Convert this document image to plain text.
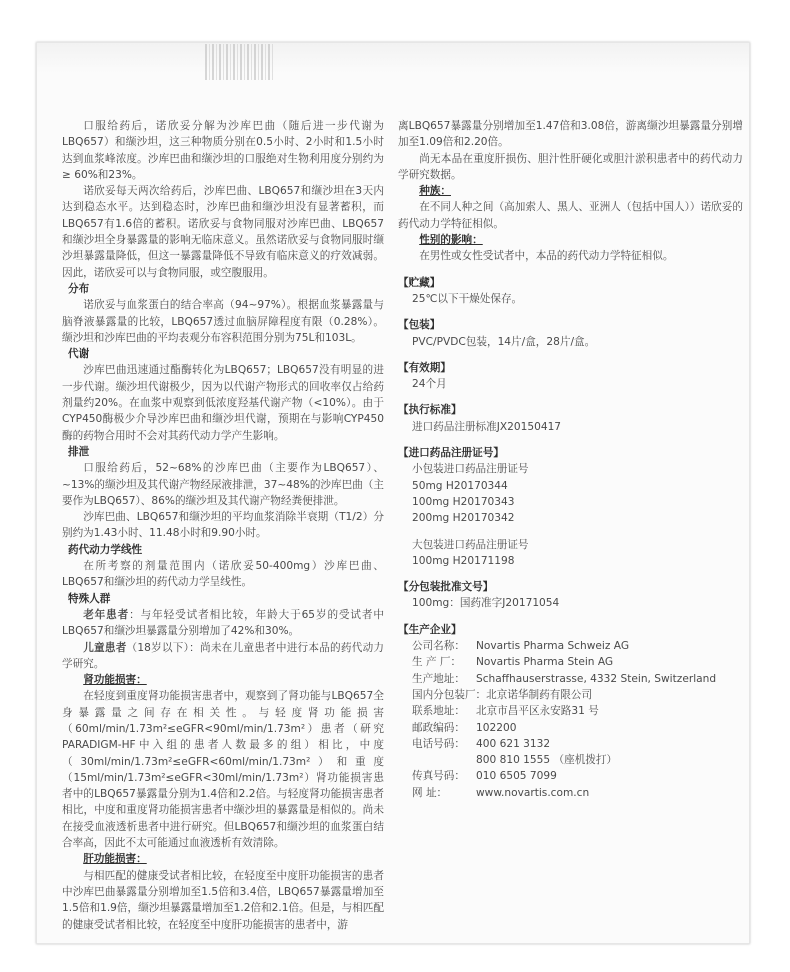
口服给药后，诺欣妥分解为沙库巴曲（随后进一步代谢为LBQ657）和缬沙坦，这三种物质分别在0.5小时、2小时和1.5小时达到血浆峰浓度。沙库巴曲和缬沙坦的口服绝对生物利用度分别约为≥ 60%和23%。

诺欣妥每天两次给药后，沙库巴曲、LBQ657和缬沙坦在3天内达到稳态水平。达到稳态时，沙库巴曲和缬沙坦没有显著蓄积，而LBQ657有1.6倍的蓄积。诺欣妥与食物同服对沙库巴曲、LBQ657和缬沙坦全身暴露量的影响无临床意义。虽然诺欣妥与食物同服时缬沙坦暴露量降低，但这一暴露量降低不导致有临床意义的疗效减弱。因此，诺欣妥可以与食物同服，或空腹服用。

分布

诺欣妥与血浆蛋白的结合率高（94~97%）。根据血浆暴露量与脑脊液暴露量的比较，LBQ657透过血脑屏障程度有限（0.28%）。缬沙坦和沙库巴曲的平均表观分布容积范围分别为75L和103L。

代谢

沙库巴曲迅速通过酯酶转化为LBQ657；LBQ657没有明显的进一步代谢。缬沙坦代谢极少，因为以代谢产物形式的回收率仅占给药剂量约20%。在血浆中观察到低浓度羟基代谢产物（<10%）。由于CYP450酶极少介导沙库巴曲和缬沙坦代谢，预期在与影响CYP450酶的药物合用时不会对其药代动力学产生影响。

排泄

口服给药后，52~68%的沙库巴曲（主要作为LBQ657）、~13%的缬沙坦及其代谢产物经尿液排泄，37~48%的沙库巴曲（主要作为LBQ657）、86%的缬沙坦及其代谢产物经粪便排泄。

沙库巴曲、LBQ657和缬沙坦的平均血浆消除半衰期（T1/2）分别约为1.43小时、11.48小时和9.90小时。

药代动力学线性

在所考察的剂量范围内（诺欣妥50-400mg）沙库巴曲、LBQ657和缬沙坦的药代动力学呈线性。

特殊人群

老年患者：与年轻受试者相比较，年龄大于65岁的受试者中LBQ657和缬沙坦暴露量分别增加了42%和30%。

儿童患者（18岁以下）：尚未在儿童患者中进行本品的药代动力学研究。

肾功能损害：

在轻度到重度肾功能损害患者中，观察到了肾功能与LBQ657全身暴露量之间存在相关性。与轻度肾功能损害（60ml/min/1.73m²≤eGFR<90ml/min/1.73m²）患者（研究PARADIGM-HF中入组的患者人数最多的组）相比，中度（30ml/min/1.73m²≤eGFR<60ml/min/1.73m²）和重度（15ml/min/1.73m²≤eGFR<30ml/min/1.73m²）肾功能损害患者中的LBQ657暴露量分别为1.4倍和2.2倍。与轻度肾功能损害患者相比，中度和重度肾功能损害患者中缬沙坦的暴露量是相似的。尚未在接受血液透析患者中进行研究。但LBQ657和缬沙坦的血浆蛋白结合率高，因此不太可能通过血液透析有效清除。

肝功能损害：

与相匹配的健康受试者相比较，在轻度至中度肝功能损害的患者中沙库巴曲暴露量分别增加至1.5倍和3.4倍，LBQ657暴露量增加至1.5倍和1.9倍，缬沙坦暴露量增加至1.2倍和2.1倍。但是，与相匹配的健康受试者相比较，在轻度至中度肝功能损害的患者中，游

离LBQ657暴露量分别增加至1.47倍和3.08倍，游离缬沙坦暴露量分别增加至1.09倍和2.20倍。

尚无本品在重度肝损伤、胆汁性肝硬化或胆汁淤积患者中的药代动力学研究数据。

种族：

在不同人种之间（高加索人、黑人、亚洲人（包括中国人））诺欣妥的药代动力学特征相似。

性别的影响：

在男性或女性受试者中，本品的药代动力学特征相似。

【贮藏】

25℃以下干燥处保存。

【包装】

PVC/PVDC包装，14片/盒，28片/盒。

【有效期】

24个月

【执行标准】

进口药品注册标准JX20150417

【进口药品注册证号】

小包装进口药品注册证号

50mg H20170344

100mg H20170343

200mg H20170342

大包装进口药品注册证号

100mg H20171198

【分包装批准文号】

100mg：国药准字J20171054

【生产企业】

公司名称：	Novartis Pharma Schweiz AG
生 产 厂：	Novartis Pharma Stein AG
生产地址：	Schaffhauserstrasse, 4332 Stein, Switzerland
国内分包装厂： 北京诺华制药有限公司
联系地址：	北京市昌平区永安路31 号
邮政编码：	102200
电话号码：	400 621 3132
800 810 1555 （座机拨打）
传真号码：	010 6505 7099
网 址：	www.novartis.com.cn
